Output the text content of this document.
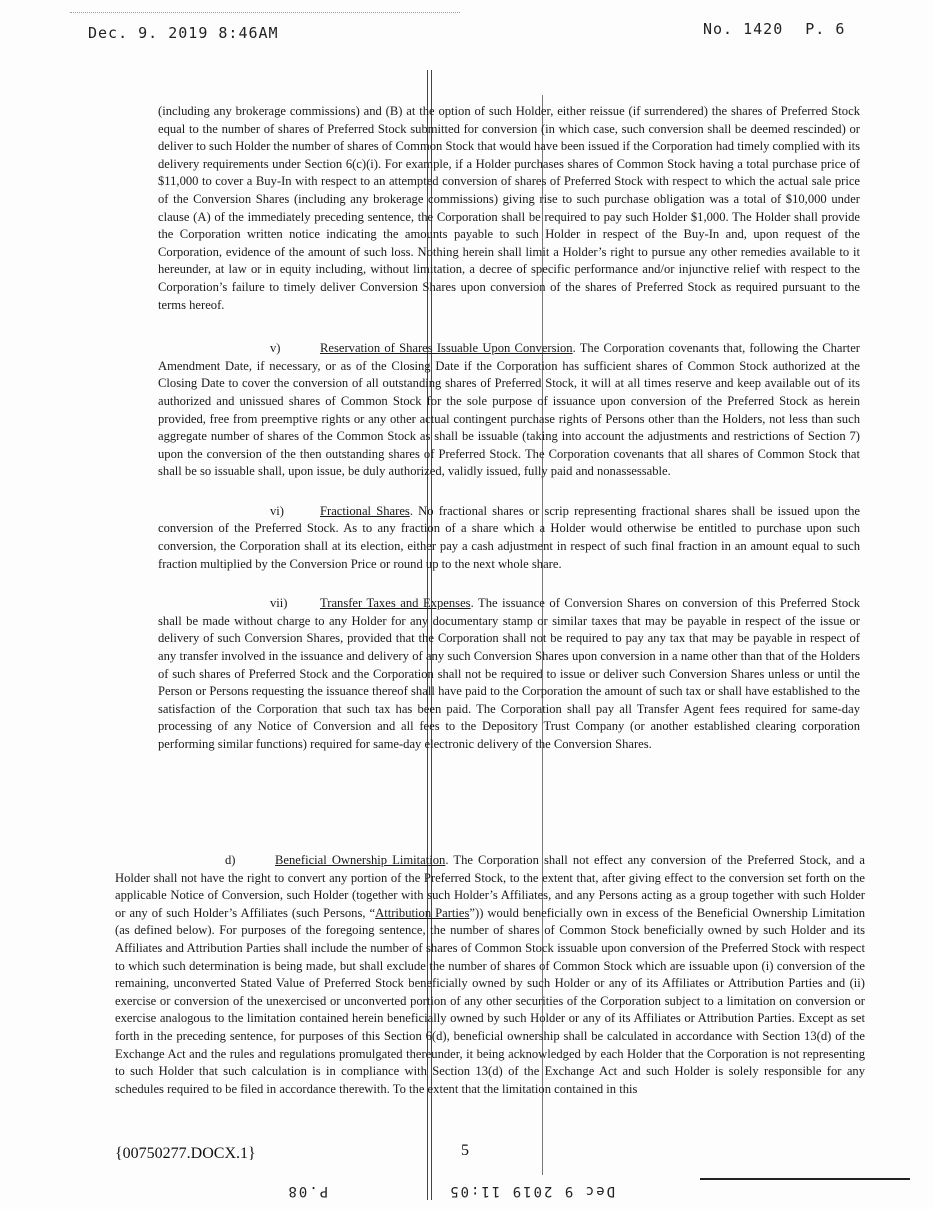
Dec. 9. 2019 8:46AM	No. 1420 P. 6

(including any brokerage commissions) and (B) at the option of such Holder, either reissue (if surrendered) the shares of Preferred Stock equal to the number of shares of Preferred Stock submitted for conversion (in which case, such conversion shall be deemed rescinded) or deliver to such Holder the number of shares of Common Stock that would have been issued if the Corporation had timely complied with its delivery requirements under Section 6(c)(i). For example, if a Holder purchases shares of Common Stock having a total purchase price of $11,000 to cover a Buy-In with respect to an attempted conversion of shares of Preferred Stock with respect to which the actual sale price of the Conversion Shares (including any brokerage commissions) giving rise to such purchase obligation was a total of $10,000 under clause (A) of the immediately preceding sentence, the Corporation shall be required to pay such Holder $1,000. The Holder shall provide the Corporation written notice indicating the amounts payable to such Holder in respect of the Buy-In and, upon request of the Corporation, evidence of the amount of such loss. Nothing herein shall limit a Holder’s right to pursue any other remedies available to it hereunder, at law or in equity including, without limitation, a decree of specific performance and/or injunctive relief with respect to the Corporation’s failure to timely deliver Conversion Shares upon conversion of the shares of Preferred Stock as required pursuant to the terms hereof.

v)	Reservation of Shares Issuable Upon Conversion. The Corporation covenants that, following the Charter Amendment Date, if necessary, or as of the Closing Date if the Corporation has sufficient shares of Common Stock authorized at the Closing Date to cover the conversion of all outstanding shares of Preferred Stock, it will at all times reserve and keep available out of its authorized and unissued shares of Common Stock for the sole purpose of issuance upon conversion of the Preferred Stock as herein provided, free from preemptive rights or any other actual contingent purchase rights of Persons other than the Holders, not less than such aggregate number of shares of the Common Stock as shall be issuable (taking into account the adjustments and restrictions of Section 7) upon the conversion of the then outstanding shares of Preferred Stock. The Corporation covenants that all shares of Common Stock that shall be so issuable shall, upon issue, be duly authorized, validly issued, fully paid and nonassessable.

vi)	Fractional Shares. No fractional shares or scrip representing fractional shares shall be issued upon the conversion of the Preferred Stock. As to any fraction of a share which a Holder would otherwise be entitled to purchase upon such conversion, the Corporation shall at its election, either pay a cash adjustment in respect of such final fraction in an amount equal to such fraction multiplied by the Conversion Price or round up to the next whole share.

vii)	Transfer Taxes and Expenses. The issuance of Conversion Shares on conversion of this Preferred Stock shall be made without charge to any Holder for any documentary stamp or similar taxes that may be payable in respect of the issue or delivery of such Conversion Shares, provided that the Corporation shall not be required to pay any tax that may be payable in respect of any transfer involved in the issuance and delivery of any such Conversion Shares upon conversion in a name other than that of the Holders of such shares of Preferred Stock and the Corporation shall not be required to issue or deliver such Conversion Shares unless or until the Person or Persons requesting the issuance thereof shall have paid to the Corporation the amount of such tax or shall have established to the satisfaction of the Corporation that such tax has been paid. The Corporation shall pay all Transfer Agent fees required for same-day processing of any Notice of Conversion and all fees to the Depository Trust Company (or another established clearing corporation performing similar functions) required for same-day electronic delivery of the Conversion Shares.

d)	Beneficial Ownership Limitation. The Corporation shall not effect any conversion of the Preferred Stock, and a Holder shall not have the right to convert any portion of the Preferred Stock, to the extent that, after giving effect to the conversion set forth on the applicable Notice of Conversion, such Holder (together with such Holder’s Affiliates, and any Persons acting as a group together with such Holder or any of such Holder’s Affiliates (such Persons, “Attribution Parties”)) would beneficially own in excess of the Beneficial Ownership Limitation (as defined below). For purposes of the foregoing sentence, the number of shares of Common Stock beneficially owned by such Holder and its Affiliates and Attribution Parties shall include the number of shares of Common Stock issuable upon conversion of the Preferred Stock with respect to which such determination is being made, but shall exclude the number of shares of Common Stock which are issuable upon (i) conversion of the remaining, unconverted Stated Value of Preferred Stock beneficially owned by such Holder or any of its Affiliates or Attribution Parties and (ii) exercise or conversion of the unexercised or unconverted portion of any other securities of the Corporation subject to a limitation on conversion or exercise analogous to the limitation contained herein beneficially owned by such Holder or any of its Affiliates or Attribution Parties. Except as set forth in the preceding sentence, for purposes of this Section 6(d), beneficial ownership shall be calculated in accordance with Section 13(d) of the Exchange Act and the rules and regulations promulgated thereunder, it being acknowledged by each Holder that the Corporation is not representing to such Holder that such calculation is in compliance with Section 13(d) of the Exchange Act and such Holder is solely responsible for any schedules required to be filed in accordance therewith. To the extent that the limitation contained in this

{00750277.DOCX.1}	5
Dec 9 2019 11:05P.08
